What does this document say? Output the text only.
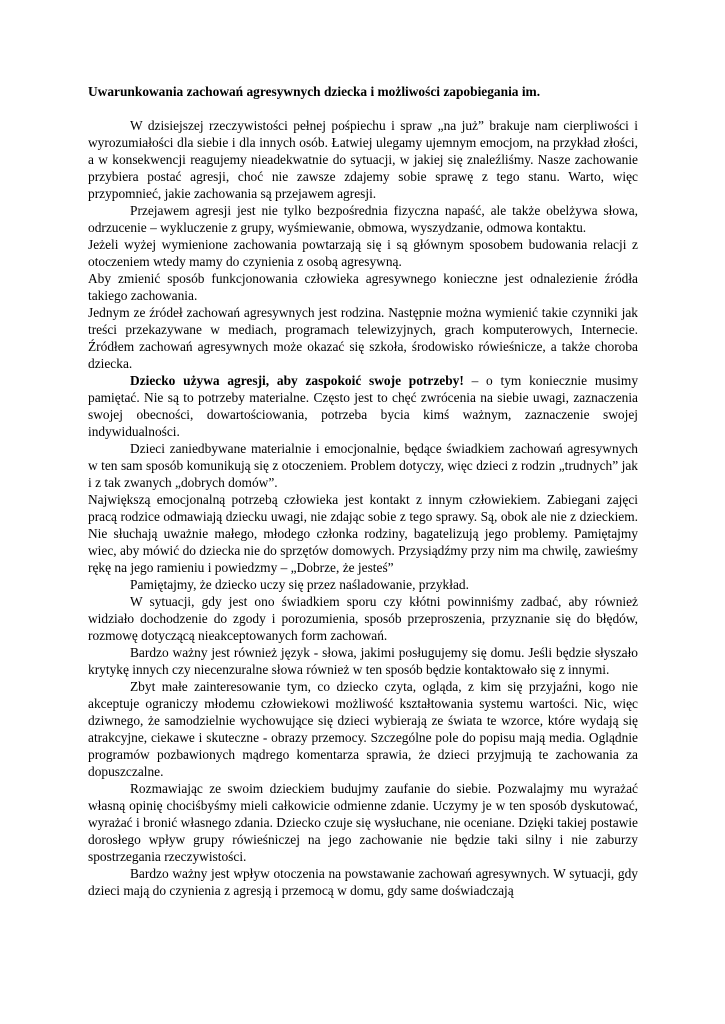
Uwarunkowania zachowań agresywnych dziecka i możliwości zapobiegania im.

W dzisiejszej rzeczywistości pełnej pośpiechu i spraw „na już” brakuje nam cierpliwości i wyrozumiałości dla siebie i dla innych osób. Łatwiej ulegamy ujemnym emocjom, na przykład złości, a w konsekwencji reagujemy nieadekwatnie do sytuacji, w jakiej się znaleźliśmy. Nasze zachowanie przybiera postać agresji, choć nie zawsze zdajemy sobie sprawę z tego stanu. Warto, więc przypomnieć, jakie zachowania są przejawem agresji.

Przejawem agresji jest nie tylko bezpośrednia fizyczna napaść, ale także obelżywa słowa, odrzucenie – wykluczenie z grupy, wyśmiewanie, obmowa, wyszydzanie, odmowa kontaktu.

Jeżeli wyżej wymienione zachowania powtarzają się i są głównym sposobem budowania relacji z otoczeniem wtedy mamy do czynienia z osobą agresywną.

Aby zmienić sposób funkcjonowania człowieka agresywnego konieczne jest odnalezienie źródła takiego zachowania.

Jednym ze źródeł zachowań agresywnych jest rodzina. Następnie można wymienić takie czynniki jak treści przekazywane w mediach, programach telewizyjnych, grach komputerowych, Internecie. Źródłem zachowań agresywnych może okazać się szkoła, środowisko rówieśnicze, a także choroba dziecka.

Dziecko używa agresji, aby zaspokoić swoje potrzeby! – o tym koniecznie musimy pamiętać. Nie są to potrzeby materialne. Często jest to chęć zwrócenia na siebie uwagi, zaznaczenia swojej obecności, dowartościowania, potrzeba bycia kimś ważnym, zaznaczenie swojej indywidualności.

Dzieci zaniedbywane materialnie i emocjonalnie, będące świadkiem zachowań agresywnych w ten sam sposób komunikują się z otoczeniem. Problem dotyczy, więc dzieci z rodzin „trudnych” jak i z tak zwanych „dobrych domów”.

Największą emocjonalną potrzebą człowieka jest kontakt z innym człowiekiem. Zabiegani zajęci pracą rodzice odmawiają dziecku uwagi, nie zdając sobie z tego sprawy. Są, obok ale nie z dzieckiem. Nie słuchają uważnie małego, młodego członka rodziny, bagatelizują jego problemy. Pamiętajmy wiec, aby mówić do dziecka nie do sprzętów domowych. Przysiądźmy przy nim ma chwilę, zawieśmy rękę na jego ramieniu i powiedzmy – „Dobrze, że jesteś”

Pamiętajmy, że dziecko uczy się przez naśladowanie, przykład.

W sytuacji, gdy jest ono świadkiem sporu czy kłótni powinniśmy zadbać, aby również widziało dochodzenie do zgody i porozumienia, sposób przeproszenia, przyznanie się do błędów, rozmowę dotyczącą nieakceptowanych form zachowań.

Bardzo ważny jest również język - słowa, jakimi posługujemy się domu. Jeśli będzie słyszało krytykę innych czy niecenzuralne słowa również w ten sposób będzie kontaktowało się z innymi.

Zbyt małe zainteresowanie tym, co dziecko czyta, ogląda, z kim się przyjaźni, kogo nie akceptuje ograniczy młodemu człowiekowi możliwość kształtowania systemu wartości. Nic, więc dziwnego, że samodzielnie wychowujące się dzieci wybierają ze świata te wzorce, które wydają się atrakcyjne, ciekawe i skuteczne - obrazy przemocy. Szczególne pole do popisu mają media. Oglądnie programów pozbawionych mądrego komentarza sprawia, że dzieci przyjmują te zachowania za dopuszczalne.

Rozmawiając ze swoim dzieckiem budujmy zaufanie do siebie. Pozwalajmy mu wyrażać własną opinię chociśbyśmy mieli całkowicie odmienne zdanie. Uczymy je w ten sposób dyskutować, wyrażać i bronić własnego zdania. Dziecko czuje się wysłuchane, nie oceniane. Dzięki takiej postawie dorosłego wpływ grupy rówieśniczej na jego zachowanie nie będzie taki silny i nie zaburzy spostrzegania rzeczywistości.

Bardzo ważny jest wpływ otoczenia na powstawanie zachowań agresywnych. W sytuacji, gdy dzieci mają do czynienia z agresją i przemocą w domu, gdy same doświadczają
